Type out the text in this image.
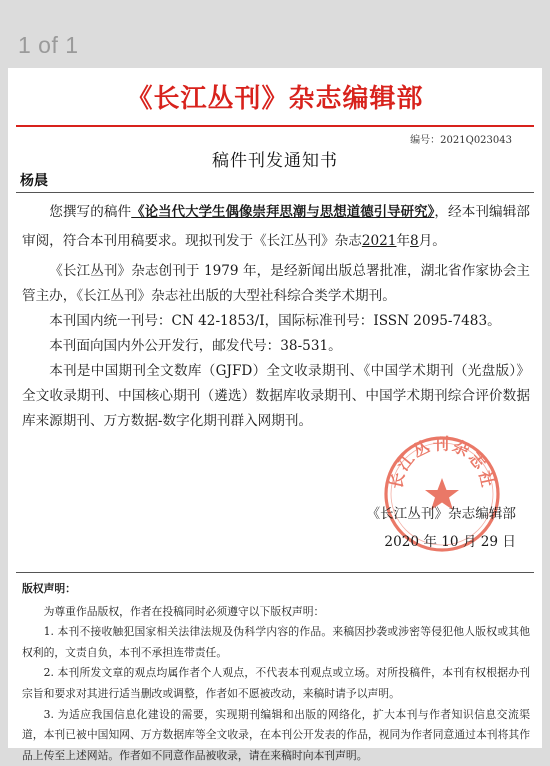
1 of 1
《长江丛刊》杂志编辑部
编号：2021Q023043
稿件刊发通知书
杨晨

您撰写的稿件《论当代大学生偶像崇拜思潮与思想道德引导研究》，经本刊编辑部审阅，符合本刊用稿要求。现拟刊发于《长江丛刊》杂志2021年8月。

《长江丛刊》杂志创刊于 1979 年，是经新闻出版总署批准，湖北省作家协会主管主办，《长江丛刊》杂志社出版的大型社科综合类学术期刊。

本刊国内统一刊号：CN 42-1853/I，国际标准刊号：ISSN 2095-7483。

本刊面向国内外公开发行，邮发代号：38-531。

本刊是中国期刊全文数库（GJFD）全文收录期刊、《中国学术期刊（光盘版）》全文收录期刊、中国核心期刊（遴选）数据库收录期刊、中国学术期刊综合评价数据库来源期刊、万方数据-数字化期刊群入网期刊。

长江丛刊杂志社
《长江丛刊》杂志编辑部
2020 年 10 月 29 日
版权声明：

为尊重作品版权，作者在投稿同时必须遵守以下版权声明：

1. 本刊不接收触犯国家相关法律法规及伪科学内容的作品。来稿因抄袭或涉密等侵犯他人版权或其他权利的，文责自负，本刊不承担连带责任。

2. 本刊所发文章的观点均属作者个人观点，不代表本刊观点或立场。对所投稿件，本刊有权根据办刊宗旨和要求对其进行适当删改或调整，作者如不愿被改动，来稿时请予以声明。

3. 为适应我国信息化建设的需要，实现期刊编辑和出版的网络化，扩大本刊与作者知识信息交流渠道，本刊已被中国知网、万方数据库等全文收录，在本刊公开发表的作品，视同为作者同意通过本刊将其作品上传至上述网站。作者如不同意作品被收录，请在来稿时向本刊声明。
